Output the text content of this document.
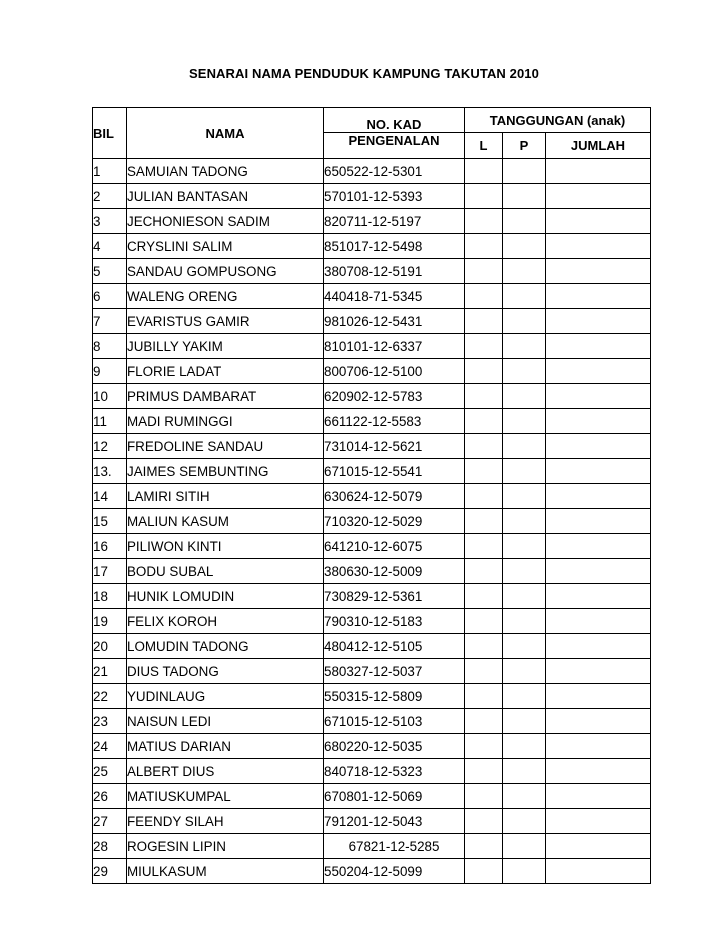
SENARAI NAMA PENDUDUK KAMPUNG TAKUTAN 2010
BIL	NAMA	NO. KAD	TANGGUNGAN (anak)		
		PENGENALAN	L	P	JUMLAH
1	SAMUIAN TADONG	650522-12-5301			
2	JULIAN BANTASAN	570101-12-5393			
3	JECHONIESON SADIM	820711-12-5197			
4	CRYSLINI SALIM	851017-12-5498			
5	SANDAU GOMPUSONG	380708-12-5191			
6	WALENG ORENG	440418-71-5345			
7	EVARISTUS GAMIR	981026-12-5431			
8	JUBILLY YAKIM	810101-12-6337			
9	FLORIE LADAT	800706-12-5100			
10	PRIMUS DAMBARAT	620902-12-5783			
11	MADI RUMINGGI	661122-12-5583			
12	FREDOLINE SANDAU	731014-12-5621			
13.	JAIMES SEMBUNTING	671015-12-5541			
14	LAMIRI SITIH	630624-12-5079			
15	MALIUN KASUM	710320-12-5029			
16	PILIWON KINTI	641210-12-6075			
17	BODU SUBAL	380630-12-5009			
18	HUNIK LOMUDIN	730829-12-5361			
19	FELIX KOROH	790310-12-5183			
20	LOMUDIN TADONG	480412-12-5105			
21	DIUS TADONG	580327-12-5037			
22	YUDINLAUG	550315-12-5809			
23	NAISUN LEDI	671015-12-5103			
24	MATIUS DARIAN	680220-12-5035			
25	ALBERT DIUS	840718-12-5323			
26	MATIUSKUMPAL	670801-12-5069			
27	FEENDY SILAH	791201-12-5043			
28	ROGESIN LIPIN	67821-12-5285			
29	MIULKASUM	550204-12-5099			
